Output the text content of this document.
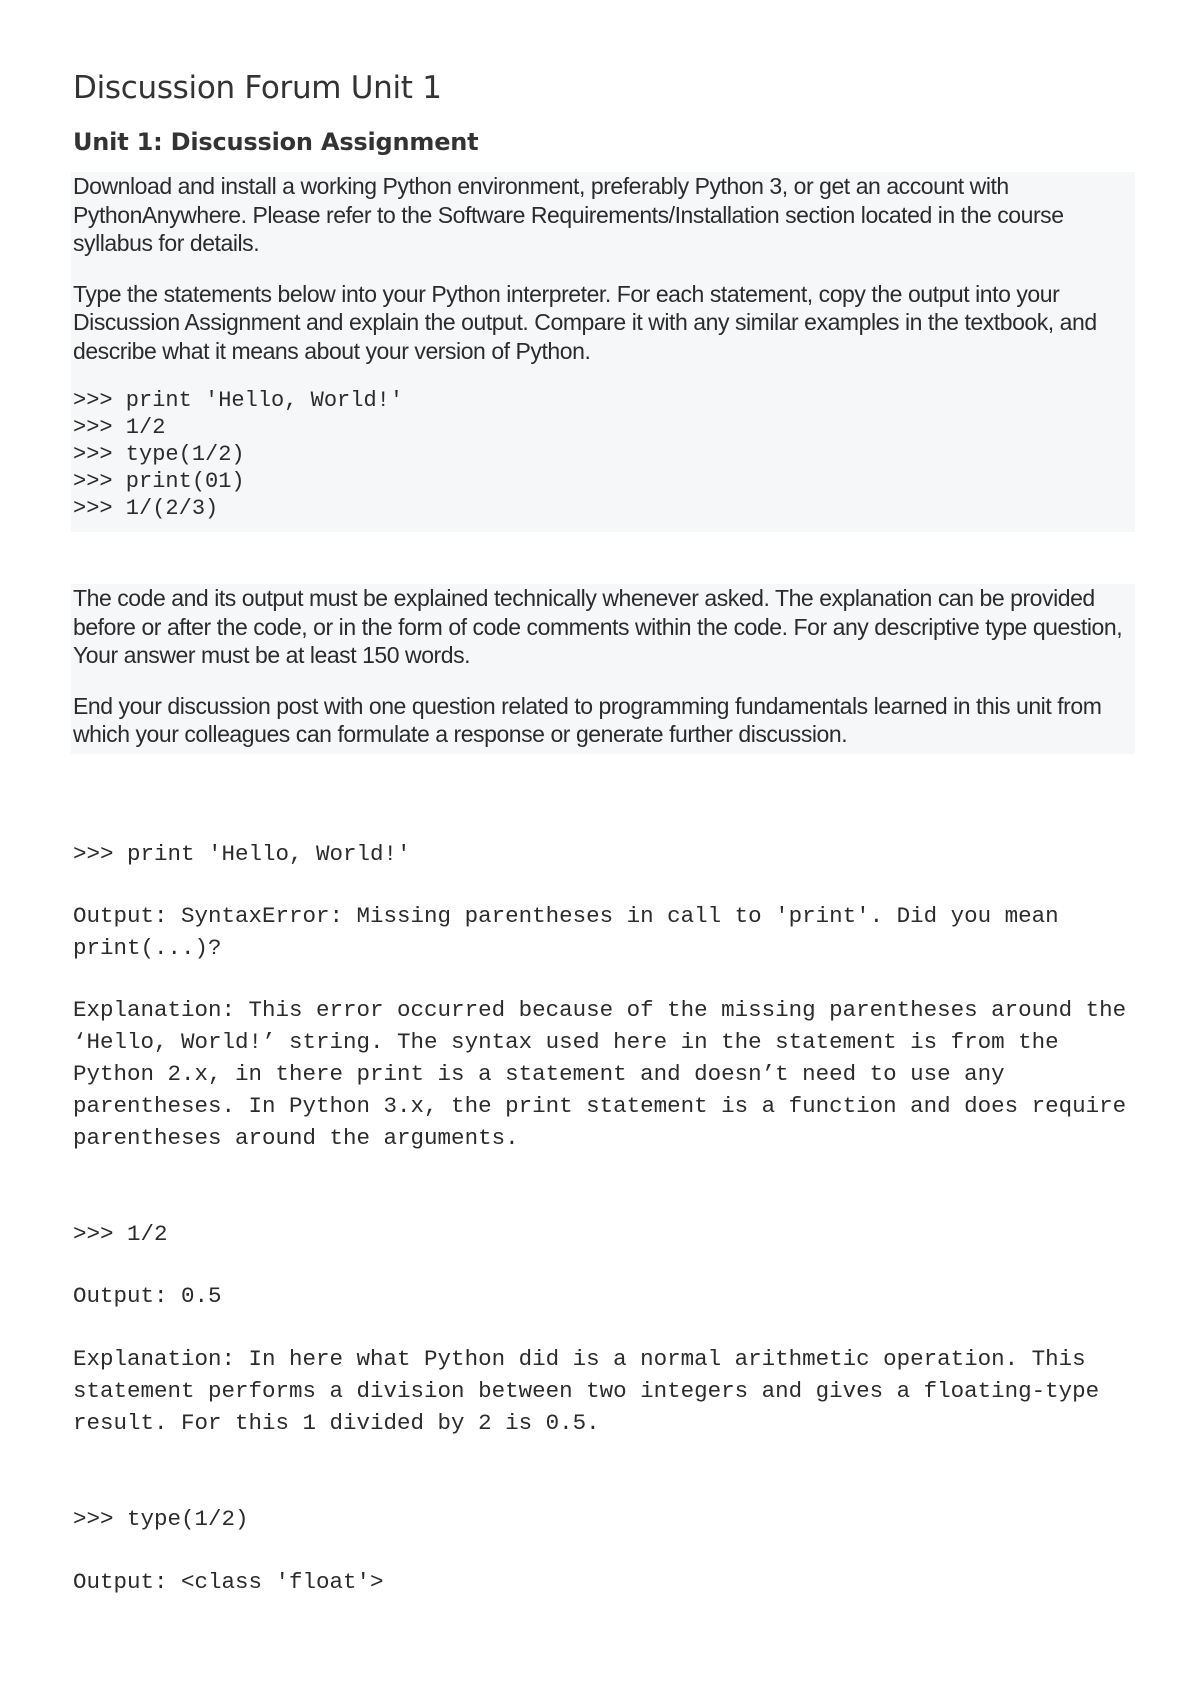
Discussion Forum Unit 1
Unit 1: Discussion Assignment

Download and install a working Python environment, preferably Python 3, or get an account with PythonAnywhere. Please refer to the Software Requirements/Installation section located in the course syllabus for details.

Type the statements below into your Python interpreter. For each statement, copy the output into your Discussion Assignment and explain the output. Compare it with any similar examples in the textbook, and describe what it means about your version of Python.

>>> print 'Hello, World!'
>>> 1/2
>>> type(1/2)
>>> print(01)
>>> 1/(2/3)

The code and its output must be explained technically whenever asked. The explanation can be provided before or after the code, or in the form of code comments within the code. For any descriptive type question, Your answer must be at least 150 words.

End your discussion post with one question related to programming fundamentals learned in this unit from which your colleagues can formulate a response or generate further discussion.

>>> print 'Hello, World!'

Output: SyntaxError: Missing parentheses in call to 'print'. Did you mean print(...)?

Explanation: This error occurred because of the missing parentheses around the ‘Hello, World!’ string. The syntax used here in the statement is from the Python 2.x, in there print is a statement and doesn’t need to use any parentheses. In Python 3.x, the print statement is a function and does require parentheses around the arguments.

>>> 1/2

Output: 0.5

Explanation: In here what Python did is a normal arithmetic operation. This statement performs a division between two integers and gives a floating-type result. For this 1 divided by 2 is 0.5.

>>> type(1/2)

Output: <class 'float'>
